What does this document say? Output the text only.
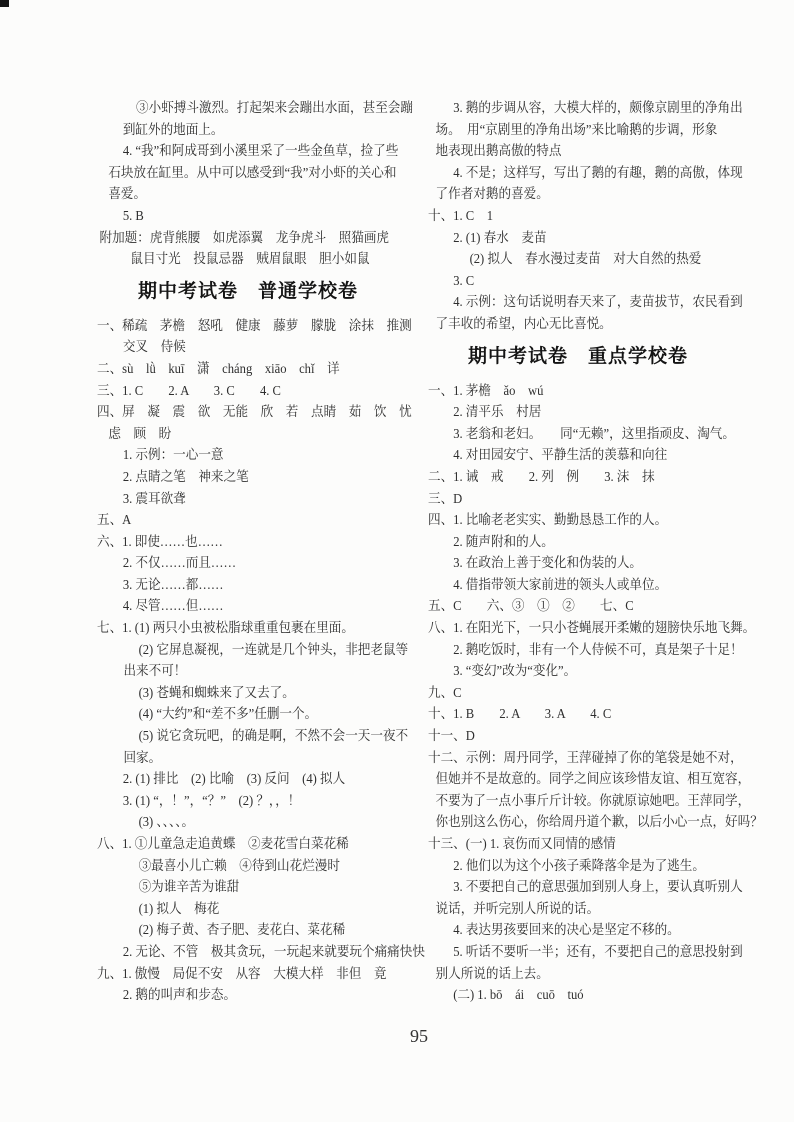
③小虾搏斗激烈。打起架来会蹦出水面，甚至会蹦
到缸外的地面上。
4. “我”和阿成哥到小溪里采了一些金鱼草，捡了些
石块放在缸里。从中可以感受到“我”对小虾的关心和
喜爱。
5. B
附加题：虎背熊腰　如虎添翼　龙争虎斗　照猫画虎
鼠目寸光　投鼠忌器　贼眉鼠眼　胆小如鼠
期中考试卷　普通学校卷
一、稀疏　茅檐　怒吼　健康　藤萝　朦胧　涂抹　推测
交叉　侍候
二、sù　lǜ　kuī　潇　cháng　xiāo　chǐ　详
三、1. C　　2. A　　3. C　　4. C
四、屏　凝　震　欲　无能　欣　若　点睛　茹　饮　忧
虑　顾　盼
1. 示例：一心一意
2. 点睛之笔　神来之笔
3. 震耳欲聋
五、A
六、1. 即使……也……
2. 不仅……而且……
3. 无论……都……
4. 尽管……但……
七、1. (1) 两只小虫被松脂球重重包裹在里面。
(2) 它屏息凝视，一连就是几个钟头，非把老鼠等
出来不可！
(3) 苍蝇和蜘蛛来了又去了。
(4) “大约”和“差不多”任删一个。
(5) 说它贪玩吧，的确是啊，不然不会一天一夜不
回家。
2. (1) 排比　(2) 比喻　(3) 反问　(4) 拟人
3. (1) “，！”，“？”　(2) ？，，！
(3) 、、、、。
八、1. ①儿童急走追黄蝶　②麦花雪白菜花稀
③最喜小儿亡赖　④待到山花烂漫时
⑤为谁辛苦为谁甜
(1) 拟人　梅花
(2) 梅子黄、杏子肥、麦花白、菜花稀
2. 无论、不管　极其贪玩，一玩起来就要玩个痛痛快快
九、1. 傲慢　局促不安　从容　大模大样　非但　竟
2. 鹅的叫声和步态。
3. 鹅的步调从容，大模大样的，颇像京剧里的净角出
场。　用“京剧里的净角出场”来比喻鹅的步调，形象
地表现出鹅高傲的特点
4. 不是；这样写，写出了鹅的有趣，鹅的高傲，体现
了作者对鹅的喜爱。
十、1. C　1
2. (1) 春水　麦苗
(2) 拟人　春水漫过麦苗　对大自然的热爱
3. C
4. 示例：这句话说明春天来了，麦苗拔节，农民看到
了丰收的希望，内心无比喜悦。
期中考试卷　重点学校卷
一、1. 茅檐　ǎo　wú
2. 清平乐　村居
3. 老翁和老妇。　　同“无赖”，这里指顽皮、淘气。
4. 对田园安宁、平静生活的羡慕和向往
二、1. 诫　戒　　2. 列　例　　3. 沫　抹
三、D
四、1. 比喻老老实实、勤勤恳恳工作的人。
2. 随声附和的人。
3. 在政治上善于变化和伪装的人。
4. 借指带领大家前进的领头人或单位。
五、C　　六、③　①　②　　七、C
八、1. 在阳光下，一只小苍蝇展开柔嫩的翅膀快乐地飞舞。
2. 鹅吃饭时，非有一个人侍候不可，真是架子十足！
3. “变幻”改为“变化”。
九、C
十、1. B　　2. A　　3. A　　4. C
十一、D
十二、示例：周丹同学，王萍碰掉了你的笔袋是她不对，
但她并不是故意的。同学之间应该珍惜友谊、相互宽容，
不要为了一点小事斤斤计较。你就原谅她吧。王萍同学，
你也别这么伤心，你给周丹道个歉，以后小心一点，好吗？
十三、(一) 1. 哀伤而又同情的感情
2. 他们以为这个小孩子乘降落伞是为了逃生。
3. 不要把自己的意思强加到别人身上，要认真听别人
说话，并听完别人所说的话。
4. 表达男孩要回来的决心是坚定不移的。
5. 听话不要听一半；还有，不要把自己的意思投射到
别人所说的话上去。
(二) 1. bō　ái　cuō　tuó
95
